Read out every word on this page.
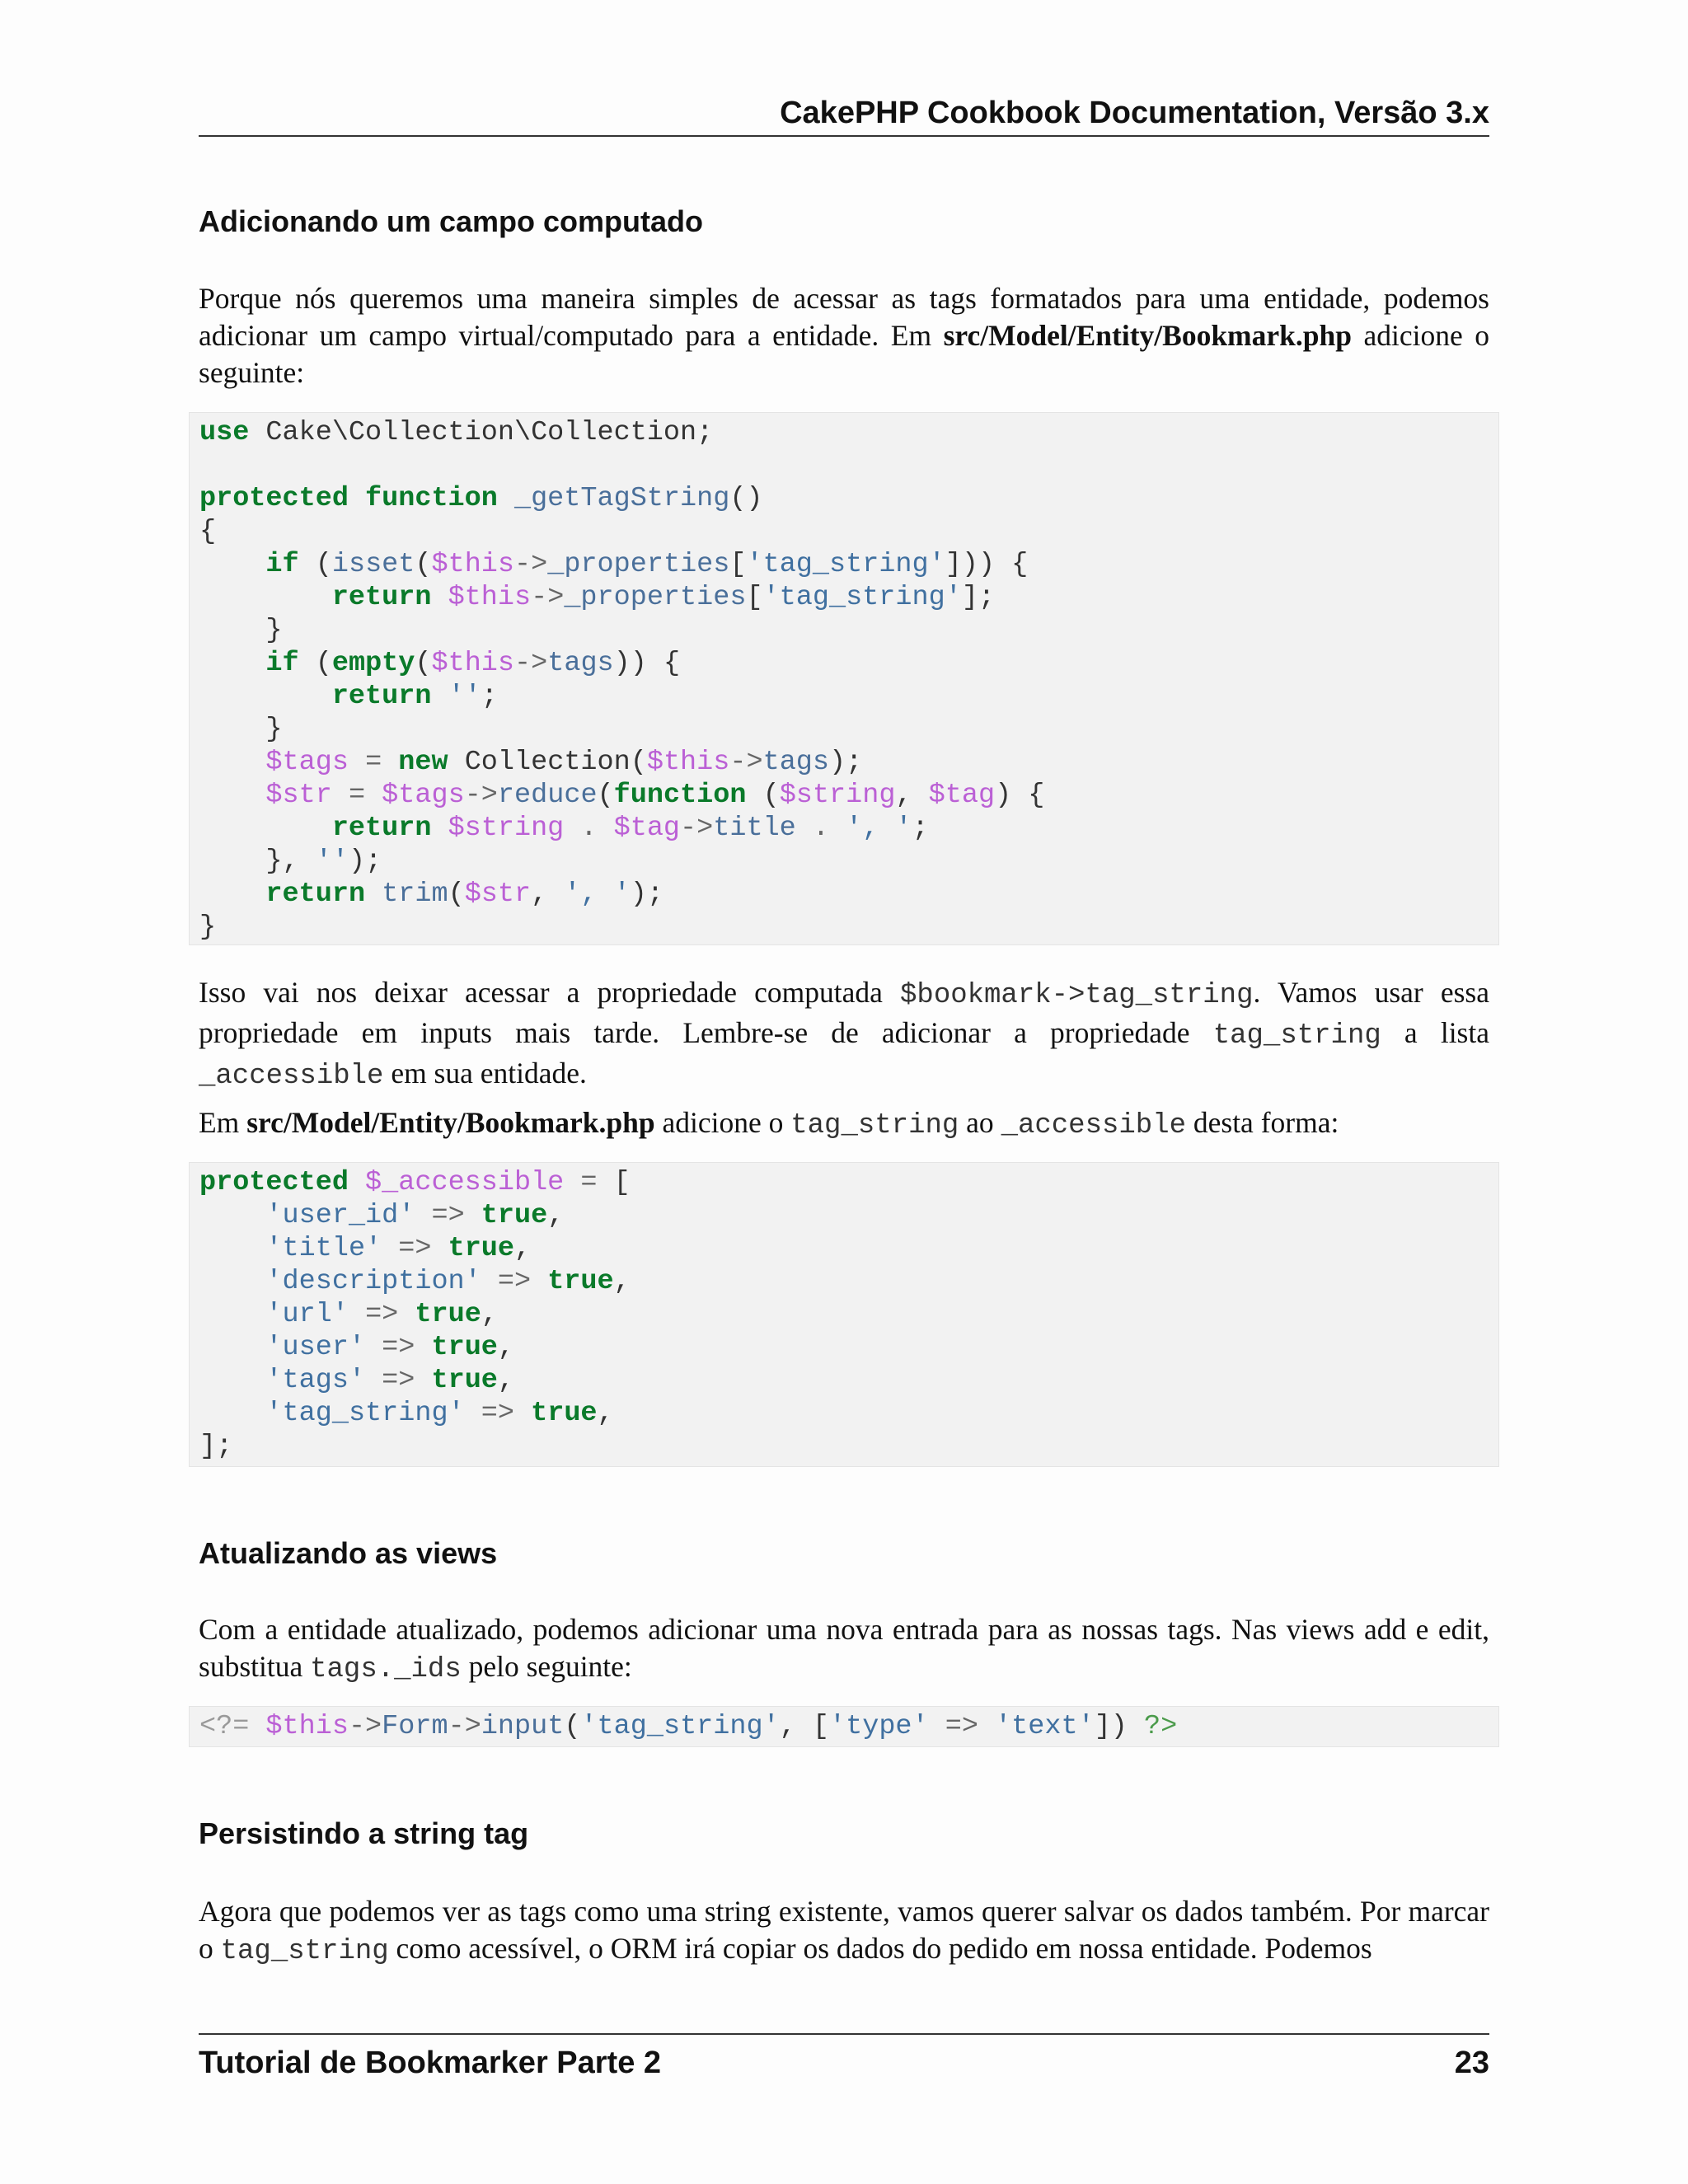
CakePHP Cookbook Documentation, Versão 3.x
Adicionando um campo computado

Porque nós queremos uma maneira simples de acessar as tags formatados para uma entidade, podemos adicionar um campo virtual/computado para a entidade. Em src/Model/Entity/Bookmark.php adicione o seguinte:

use Cake\Collection\Collection;

protected function _getTagString()
{
if (isset($this->_properties['tag_string'])) {
return $this->_properties['tag_string'];
}
if (empty($this->tags)) {
return '';
}
$tags = new Collection($this->tags);
$str = $tags->reduce(function ($string, $tag) {
return $string . $tag->title . ', ';
}, '');
return trim($str, ', ');
}

Isso vai nos deixar acessar a propriedade computada $bookmark->tag_string. Vamos usar essa propriedade em inputs mais tarde. Lembre-se de adicionar a propriedade tag_string a lista _accessible em sua entidade.

Em src/Model/Entity/Bookmark.php adicione o tag_string ao _accessible desta forma:

protected $_accessible = [
'user_id' => true,
'title' => true,
'description' => true,
'url' => true,
'user' => true,
'tags' => true,
'tag_string' => true,
];
Atualizando as views

Com a entidade atualizado, podemos adicionar uma nova entrada para as nossas tags. Nas views add e edit, substitua tags._ids pelo seguinte:

<?= $this->Form->input('tag_string', ['type' => 'text']) ?>
Persistindo a string tag

Agora que podemos ver as tags como uma string existente, vamos querer salvar os dados também. Por marcar o tag_string como acessível, o ORM irá copiar os dados do pedido em nossa entidade. Podemos

Tutorial de Bookmarker Parte 2	23
